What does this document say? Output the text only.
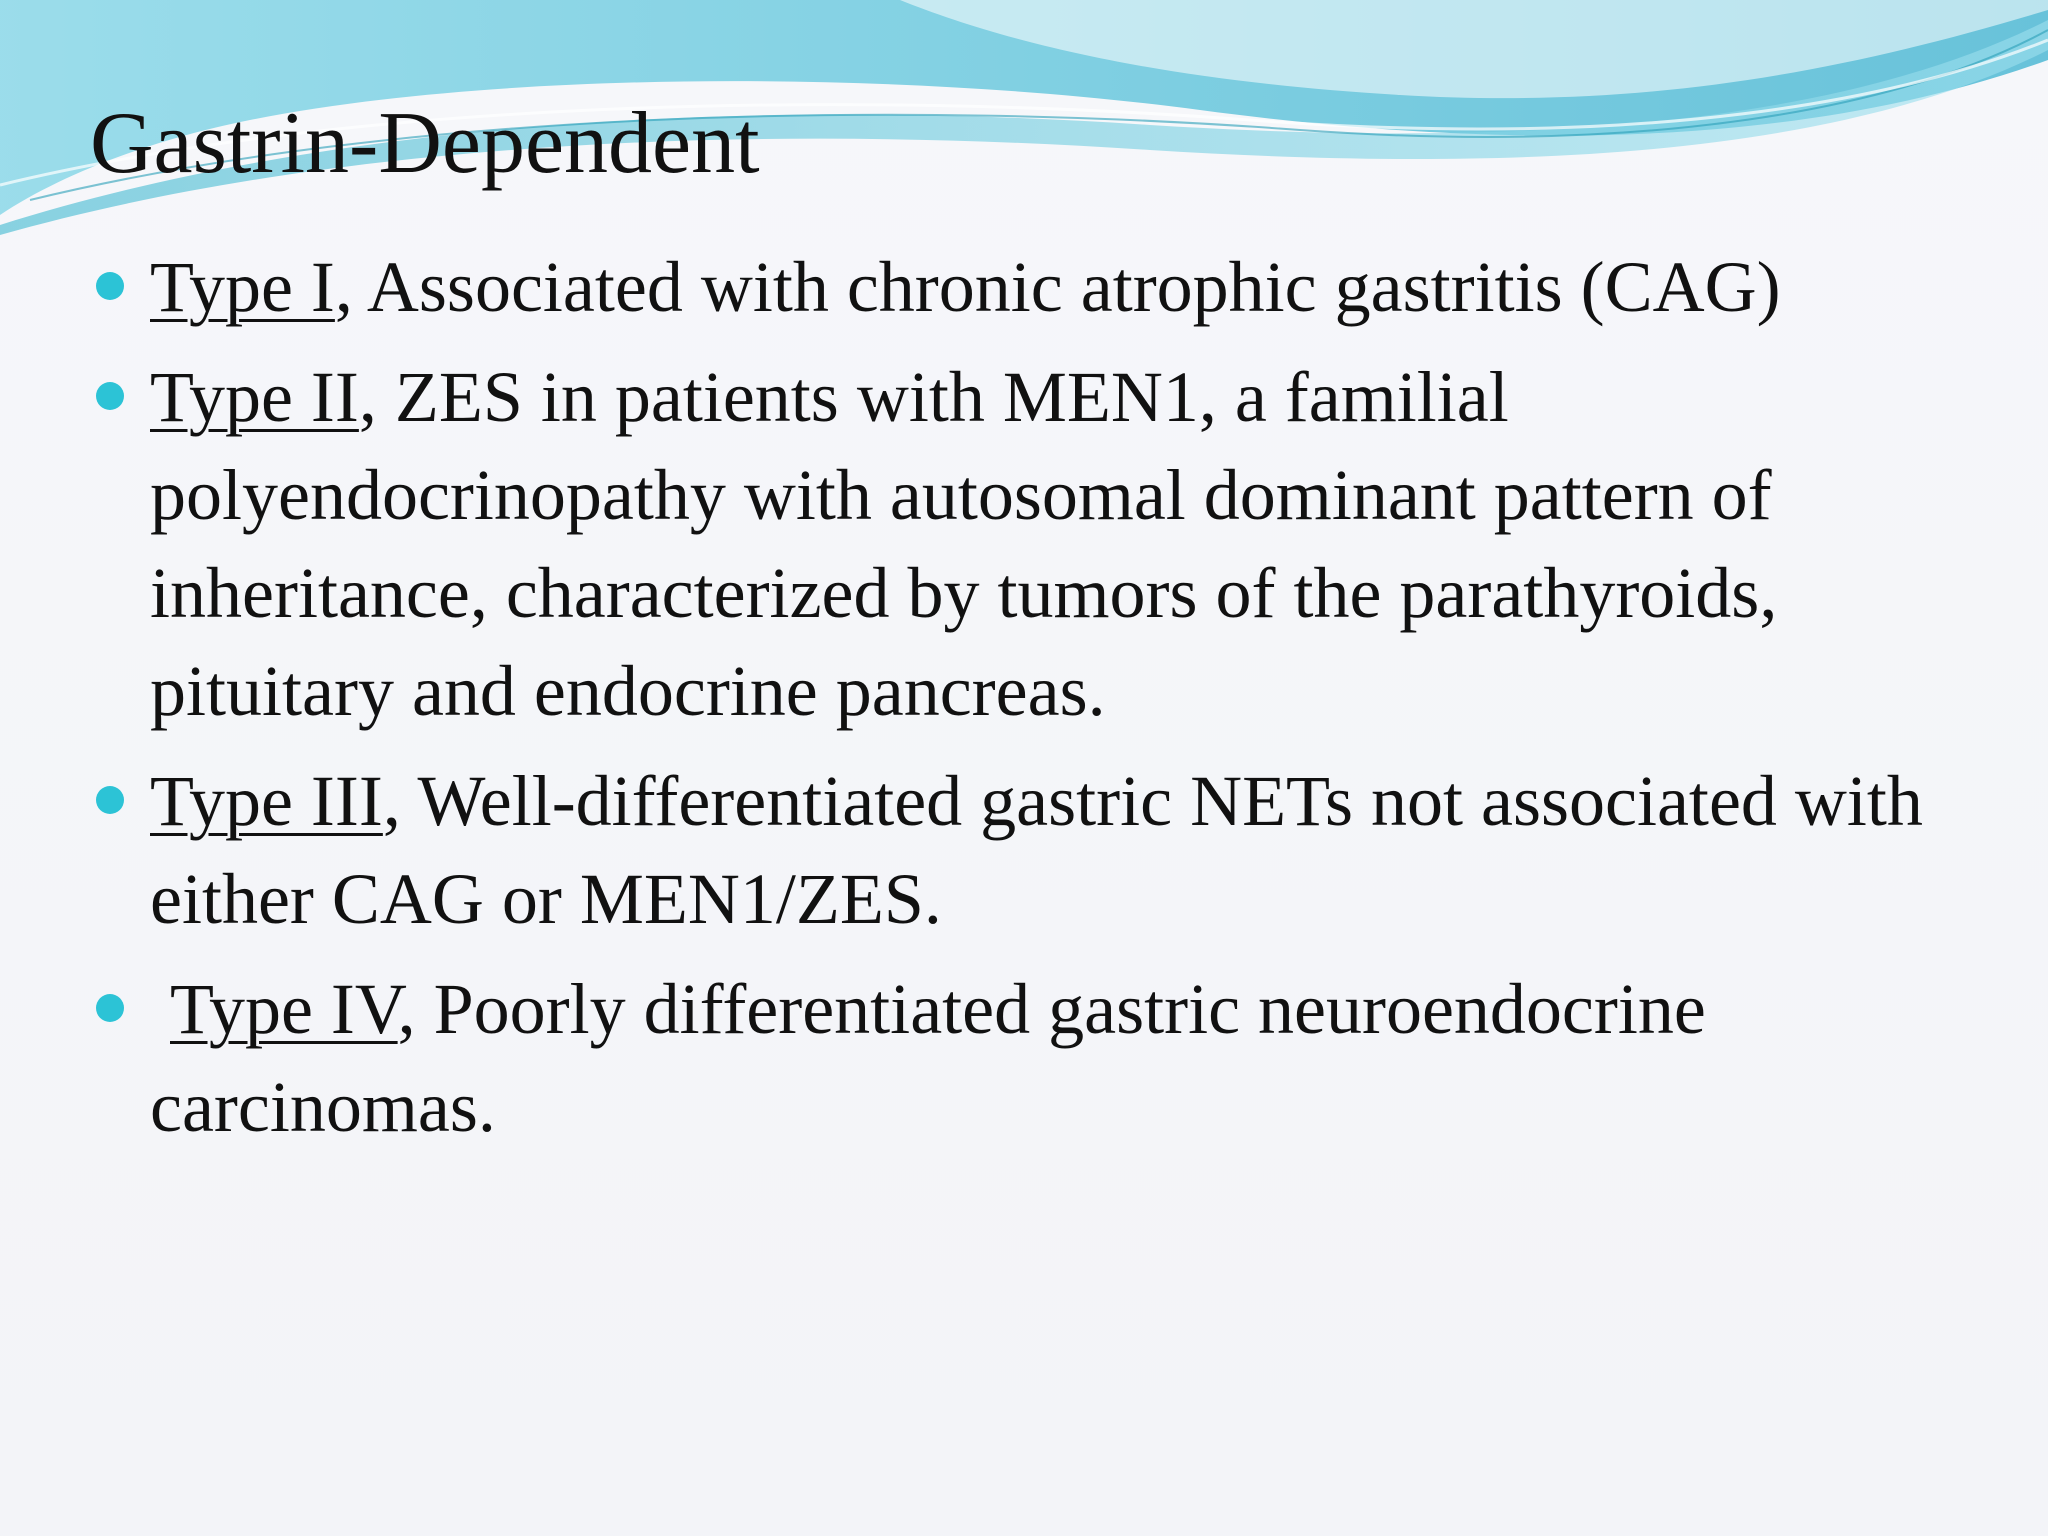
Gastrin-Dependent
Type I, Associated with chronic atrophic gastritis (CAG)
Type II, ZES in patients with MEN1, a familial polyendocrinopathy with autosomal dominant pattern of inheritance, characterized by tumors of the parathyroids, pituitary and endocrine pancreas.
Type III, Well-differentiated gastric NETs not associated with either CAG or MEN1/ZES.
Type IV, Poorly differentiated gastric neuroendocrine carcinomas.
